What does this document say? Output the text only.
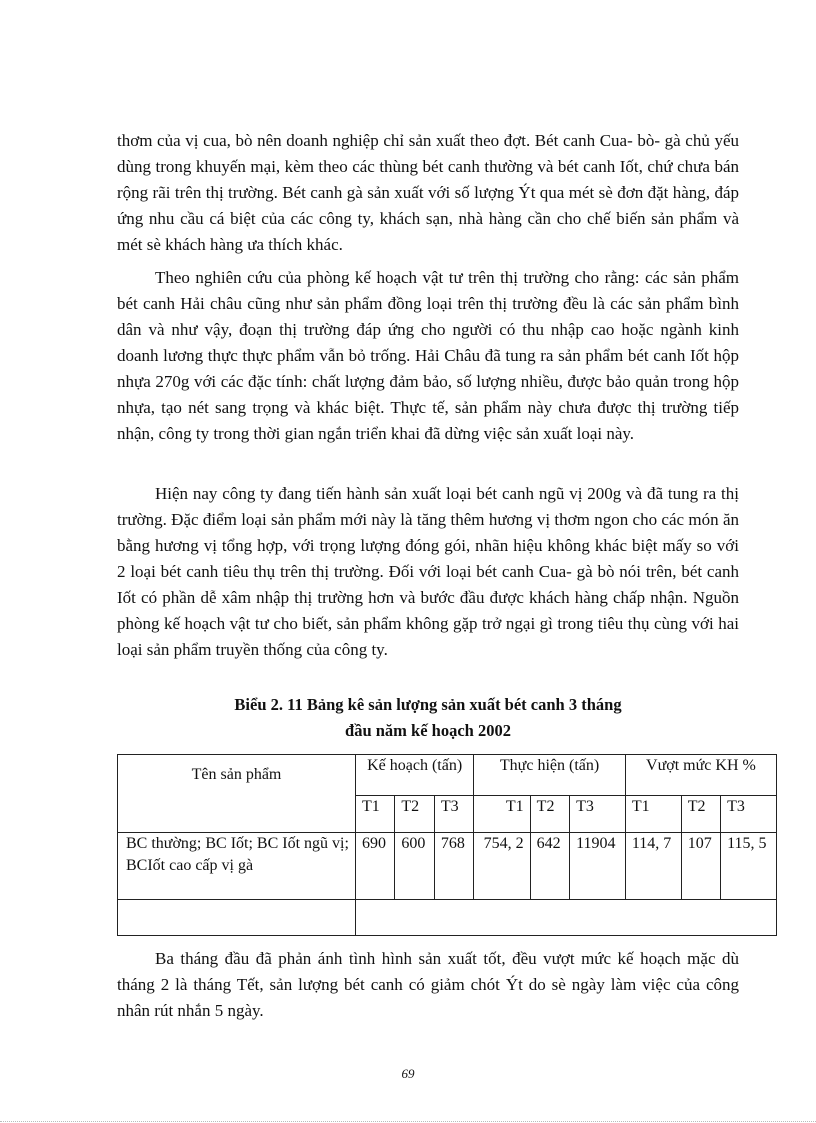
thơm của vị cua, bò nên doanh nghiệp chỉ sản xuất theo đợt. Bét canh Cua- bò- gà chủ yếu dùng trong khuyến mại, kèm theo các thùng bét canh thường và bét canh Iốt, chứ chưa bán rộng rãi trên thị trường. Bét canh gà sản xuất với số lượng Ýt qua mét sè đơn đặt hàng, đáp ứng nhu cầu cá biệt của các công ty, khách sạn, nhà hàng cần cho chế biến sản phẩm và mét sè khách hàng ưa thích khác.

Theo nghiên cứu của phòng kế hoạch vật tư trên thị trường cho rằng: các sản phẩm bét canh Hải châu cũng như sản phẩm đồng loại trên thị trường đều là các sản phẩm bình dân và như vậy, đoạn thị trường đáp ứng cho người có thu nhập cao hoặc ngành kinh doanh lương thực thực phẩm vẫn bỏ trống. Hải Châu đã tung ra sản phẩm bét canh Iốt hộp nhựa 270g với các đặc tính: chất lượng đảm bảo, số lượng nhiều, được bảo quản trong hộp nhựa, tạo nét sang trọng và khác biệt. Thực tế, sản phẩm này chưa được thị trường tiếp nhận, công ty trong thời gian ngắn triển khai đã dừng việc sản xuất loại này.

Hiện nay công ty đang tiến hành sản xuất loại bét canh ngũ vị 200g và đã tung ra thị trường. Đặc điểm loại sản phẩm mới này là tăng thêm hương vị thơm ngon cho các món ăn bằng hương vị tổng hợp, với trọng lượng đóng gói, nhãn hiệu không khác biệt mấy so với 2 loại bét canh tiêu thụ trên thị trường. Đối với loại bét canh Cua- gà bò nói trên, bét canh Iốt có phần dễ xâm nhập thị trường hơn và bước đầu được khách hàng chấp nhận. Nguồn phòng kế hoạch vật tư cho biết, sản phẩm không gặp trở ngại gì trong tiêu thụ cùng với hai loại sản phẩm truyền thống của công ty.

Biểu 2. 11 Bảng kê sản lượng sản xuất bét canh 3 tháng
đầu năm kế hoạch 2002
Tên sản phẩm	Kế hoạch (tấn)			Thực hiện (tấn)			Vượt mức KH %		
	T1	T2	T3	T1	T2	T3	T1	T2	T3
BC thường; BC Iốt; BC Iốt ngũ vị; BCIốt cao cấp vị gà	690	600	768	754, 2	642	11904	114, 7	107	115, 5

Ba tháng đầu đã phản ánh tình hình sản xuất tốt, đều vượt mức kế hoạch mặc dù tháng 2 là tháng Tết, sản lượng bét canh có giảm chót Ýt do sè ngày làm việc của công nhân rút nhắn 5 ngày.

69
